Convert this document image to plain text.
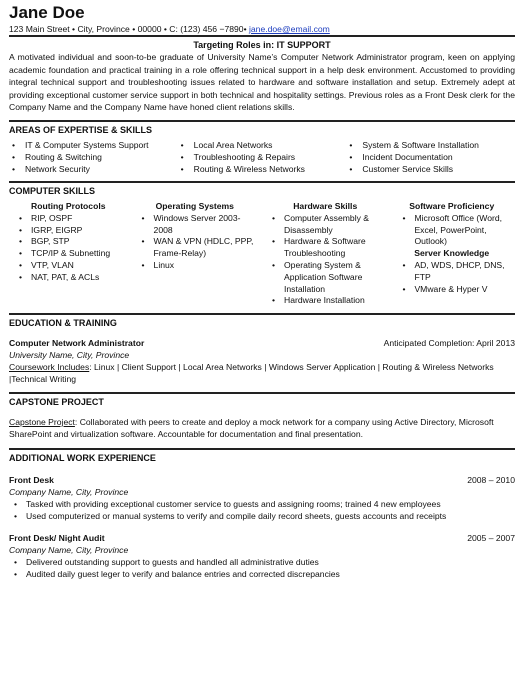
Jane Doe
123 Main Street • City, Province • 00000 • C: (123) 456 −7890• jane.doe@email.com
Targeting Roles in: IT SUPPORT

A motivated individual and soon-to-be graduate of University Name’s Computer Network Administrator program, keen on applying academic foundation and practical training in a role offering technical support in a help desk environment. Accustomed to providing integral technical support and troubleshooting issues related to hardware and software installation and setup. Extremely adept at providing exceptional customer service support in both technical and hospitality settings. Previous roles as a Front Desk clerk for the Company Name and the Company Name have honed client relations skills.

AREAS OF EXPERTISE & SKILLS
• IT & Computer Systems Support
• Routing & Switching
• Network Security
• Local Area Networks
• Troubleshooting & Repairs
• Routing & Wireless Networks
• System & Software Installation
• Incident Documentation
• Customer Service Skills
COMPUTER SKILLS
Routing Protocols
• RIP, OSPF
• IGRP, EIGRP
• BGP, STP
• TCP/IP & Subnetting
• VTP, VLAN
• NAT, PAT, & ACLs
Operating Systems
• Windows Server 2003-2008
• WAN & VPN (HDLC, PPP, Frame-Relay)
• Linux
Hardware Skills
• Computer Assembly & Disassembly
• Hardware & Software Troubleshooting
• Operating System & Application Software Installation
• Hardware Installation
Software Proficiency
• Microsoft Office (Word, Excel, PowerPoint, Outlook)
Server Knowledge
• AD, WDS, DHCP, DNS, FTP
• VMware & Hyper V
EDUCATION & TRAINING
Computer Network Administrator	Anticipated Completion: April 2013
University Name, City, Province

Coursework Includes: Linux | Client Support | Local Area Networks | Windows Server Application | Routing & Wireless Networks |Technical Writing

CAPSTONE PROJECT

Capstone Project: Collaborated with peers to create and deploy a mock network for a company using Active Directory, Microsoft SharePoint and virtualization software. Accountable for documentation and final presentation.

ADDITIONAL WORK EXPERIENCE
Front Desk	2008 – 2010
Company Name, City, Province
• Tasked with providing exceptional customer service to guests and assigning rooms; trained 4 new employees
• Used computerized or manual systems to verify and compile daily record sheets, guests accounts and receipts
Front Desk/ Night Audit	2005 – 2007
Company Name, City, Province
• Delivered outstanding support to guests and handled all administrative duties
• Audited daily guest leger to verify and balance entries and corrected discrepancies
